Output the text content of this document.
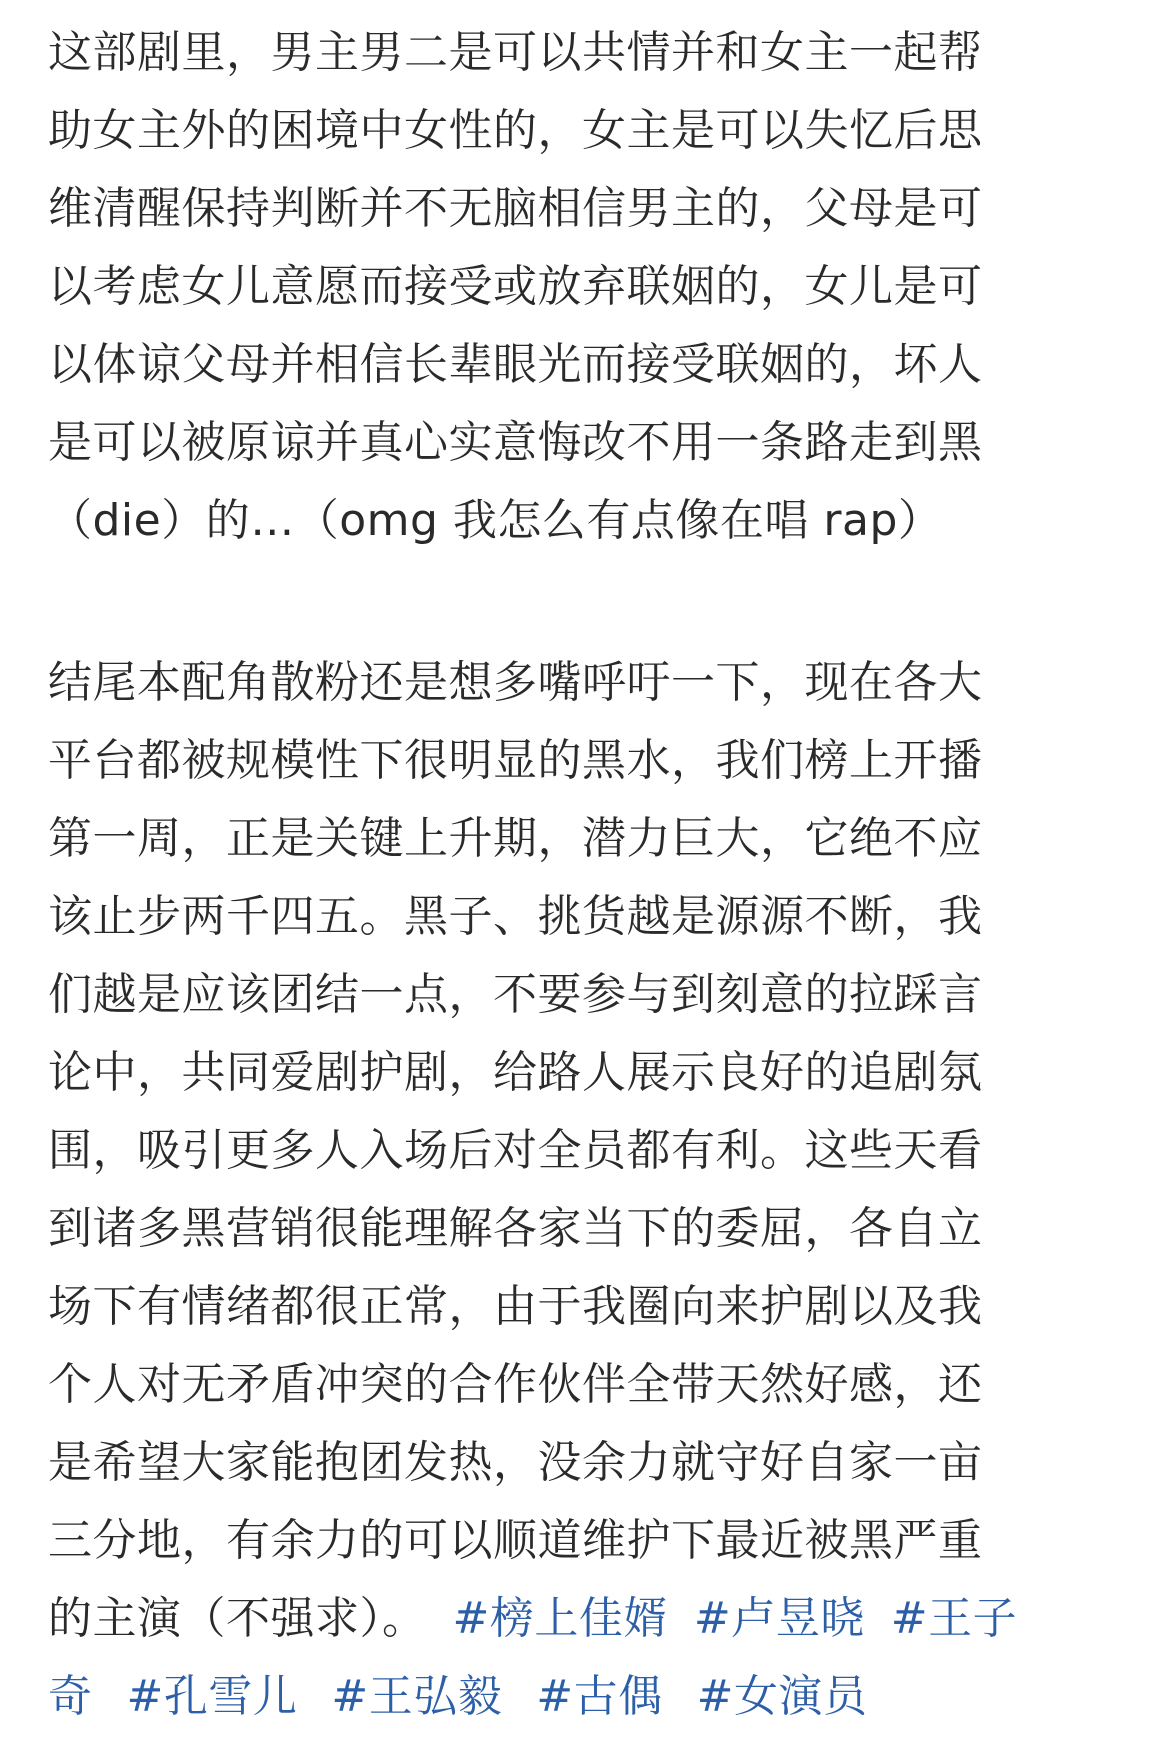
这部剧里，男主男二是可以共情并和女主一起帮
助女主外的困境中女性的，女主是可以失忆后思
维清醒保持判断并不无脑相信男主的，父母是可
以考虑女儿意愿而接受或放弃联姻的，女儿是可
以体谅父母并相信长辈眼光而接受联姻的，坏人
是可以被原谅并真心实意悔改不用一条路走到黑
（die）的…（omg 我怎么有点像在唱 rap）
结尾本配角散粉还是想多嘴呼吁一下，现在各大
平台都被规模性下很明显的黑水，我们榜上开播
第一周，正是关键上升期，潜力巨大，它绝不应
该止步两千四五。黑子、挑货越是源源不断，我
们越是应该团结一点，不要参与到刻意的拉踩言
论中，共同爱剧护剧，给路人展示良好的追剧氛
围，吸引更多人入场后对全员都有利。这些天看
到诸多黑营销很能理解各家当下的委屈，各自立
场下有情绪都很正常，由于我圈向来护剧以及我
个人对无矛盾冲突的合作伙伴全带天然好感，还
是希望大家能抱团发热，没余力就守好自家一亩
三分地，有余力的可以顺道维护下最近被黑严重
的主演（不强求）。 #榜上佳婿 #卢昱晓 #王子
奇 #孔雪儿 #王弘毅 #古偶 #女演员
